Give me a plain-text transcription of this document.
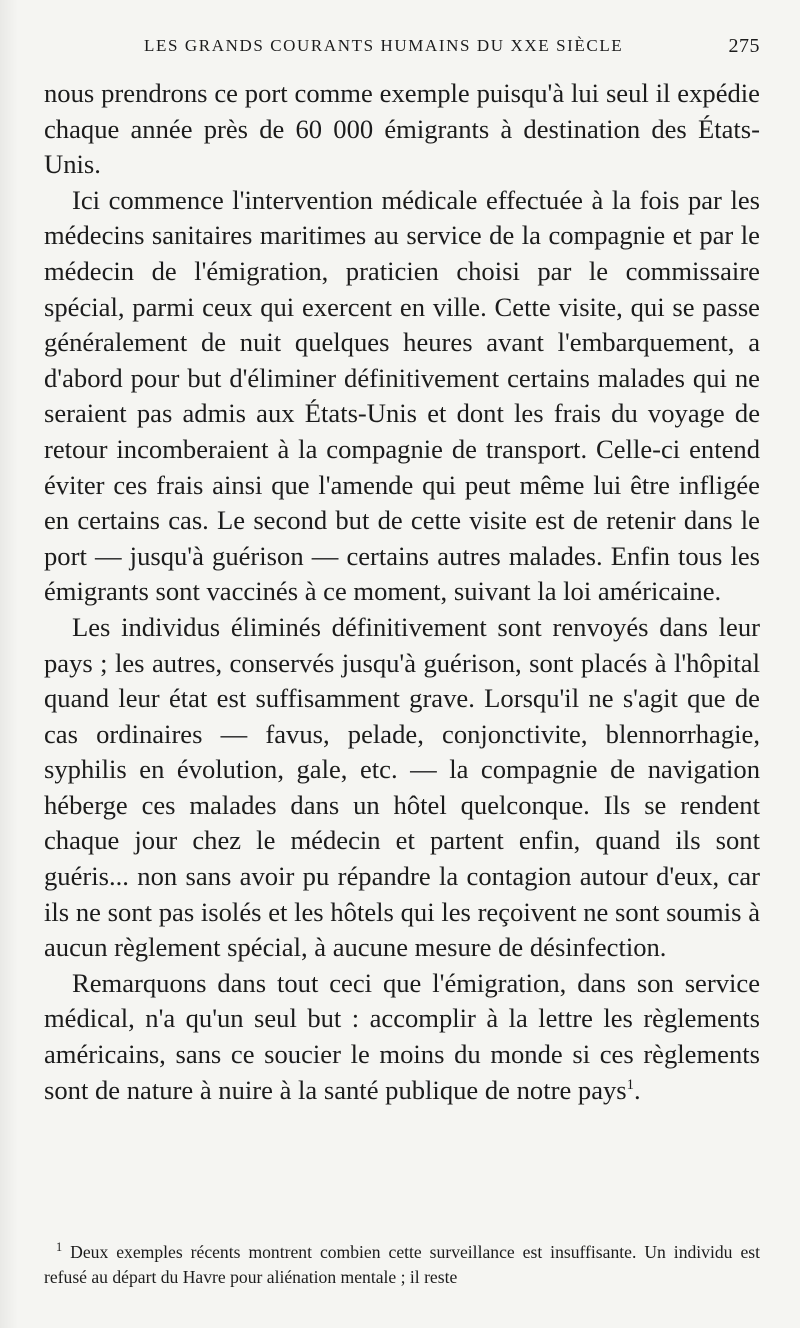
LES GRANDS COURANTS HUMAINS DU XXE SIÈCLE	275

nous prendrons ce port comme exemple puisqu'à lui seul il expédie chaque année près de 60 000 émigrants à destination des États-Unis.

Ici commence l'intervention médicale effectuée à la fois par les médecins sanitaires maritimes au service de la compagnie et par le médecin de l'émigration, praticien choisi par le commissaire spécial, parmi ceux qui exercent en ville. Cette visite, qui se passe généralement de nuit quelques heures avant l'embarquement, a d'abord pour but d'éliminer définitivement certains malades qui ne seraient pas admis aux États-Unis et dont les frais du voyage de retour incomberaient à la compagnie de transport. Celle-ci entend éviter ces frais ainsi que l'amende qui peut même lui être infligée en certains cas. Le second but de cette visite est de retenir dans le port — jusqu'à guérison — certains autres malades. Enfin tous les émigrants sont vaccinés à ce moment, suivant la loi américaine.

Les individus éliminés définitivement sont renvoyés dans leur pays ; les autres, conservés jusqu'à guérison, sont placés à l'hôpital quand leur état est suffisamment grave. Lorsqu'il ne s'agit que de cas ordinaires — favus, pelade, conjonctivite, blennorrhagie, syphilis en évolution, gale, etc. — la compagnie de navigation héberge ces malades dans un hôtel quelconque. Ils se rendent chaque jour chez le médecin et partent enfin, quand ils sont guéris... non sans avoir pu répandre la contagion autour d'eux, car ils ne sont pas isolés et les hôtels qui les reçoivent ne sont soumis à aucun règlement spécial, à aucune mesure de désinfection.

Remarquons dans tout ceci que l'émigration, dans son service médical, n'a qu'un seul but : accomplir à la lettre les règlements américains, sans ce soucier le moins du monde si ces règlements sont de nature à nuire à la santé publique de notre pays$^1$.

$^1$ Deux exemples récents montrent combien cette surveillance est insuffisante. Un individu est refusé au départ du Havre pour aliénation mentale ; il reste
